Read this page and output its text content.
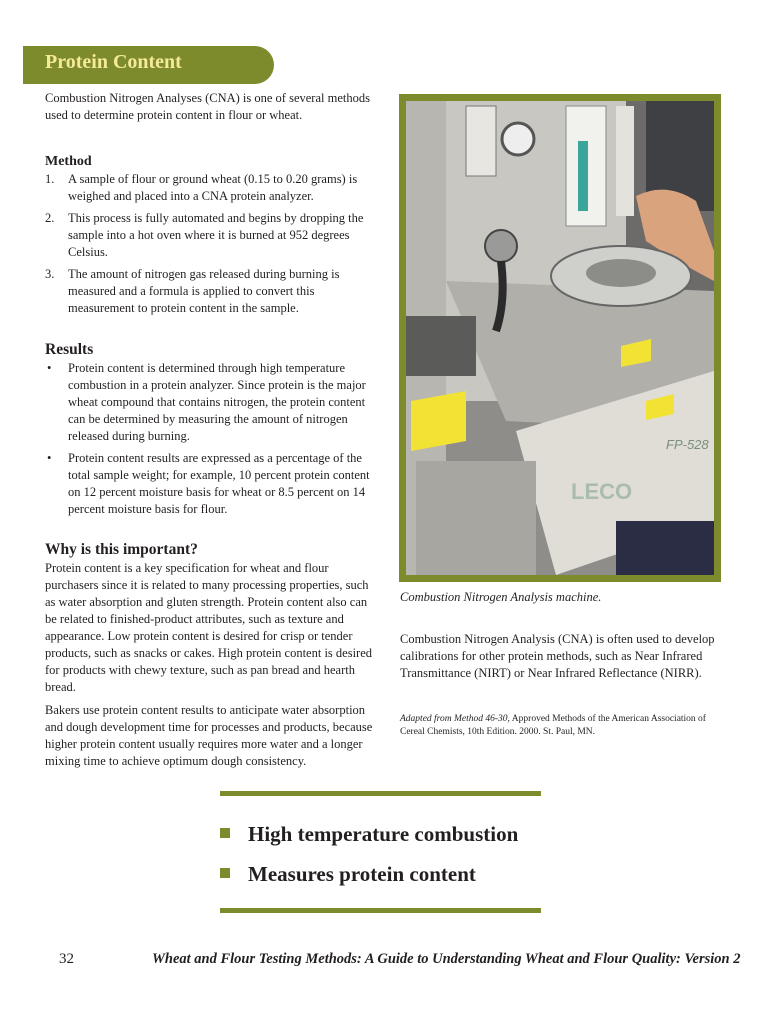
Protein Content

Combustion Nitrogen Analyses (CNA) is one of several methods used to determine protein content in flour or wheat.

Method
1. A sample of flour or ground wheat (0.15 to 0.20 grams) is weighed and placed into a CNA protein analyzer.
2. This process is fully automated and begins by dropping the sample into a hot oven where it is burned at 952 degrees Celsius.
3. The amount of nitrogen gas released during burning is measured and a formula is applied to convert this measurement to protein content in the sample.
Results
• Protein content is determined through high temperature combustion in a protein analyzer. Since protein is the major wheat compound that contains nitrogen, the protein content can be determined by measuring the amount of nitrogen released during burning.
• Protein content results are expressed as a percentage of the total sample weight; for example, 10 percent protein content on 12 percent moisture basis for wheat or 8.5 percent on 14 percent moisture basis for flour.
Why is this important?

Protein content is a key specification for wheat and flour purchasers since it is related to many processing properties, such as water absorption and gluten strength. Protein content also can be related to finished-product attributes, such as texture and appearance. Low protein content is desired for crisp or tender products, such as snacks or cakes. High protein content is desired for products with chewy texture, such as pan bread and hearth bread.

Bakers use protein content results to anticipate water absorption and dough development time for processes and products, because higher protein content usually requires more water and a longer mixing time to achieve optimum dough consistency.

FP-528
LECO
Combustion Nitrogen Analysis machine.
Combustion Nitrogen Analysis (CNA) is often used to develop calibrations for other protein methods, such as Near Infrared Transmittance (NIRT) or Near Infrared Reflectance (NIRR).
Adapted from Method 46-30, Approved Methods of the American Association of Cereal Chemists, 10th Edition. 2000. St. Paul, MN.
High temperature combustion
Measures protein content
32	Wheat and Flour Testing Methods: A Guide to Understanding Wheat and Flour Quality: Version 2
